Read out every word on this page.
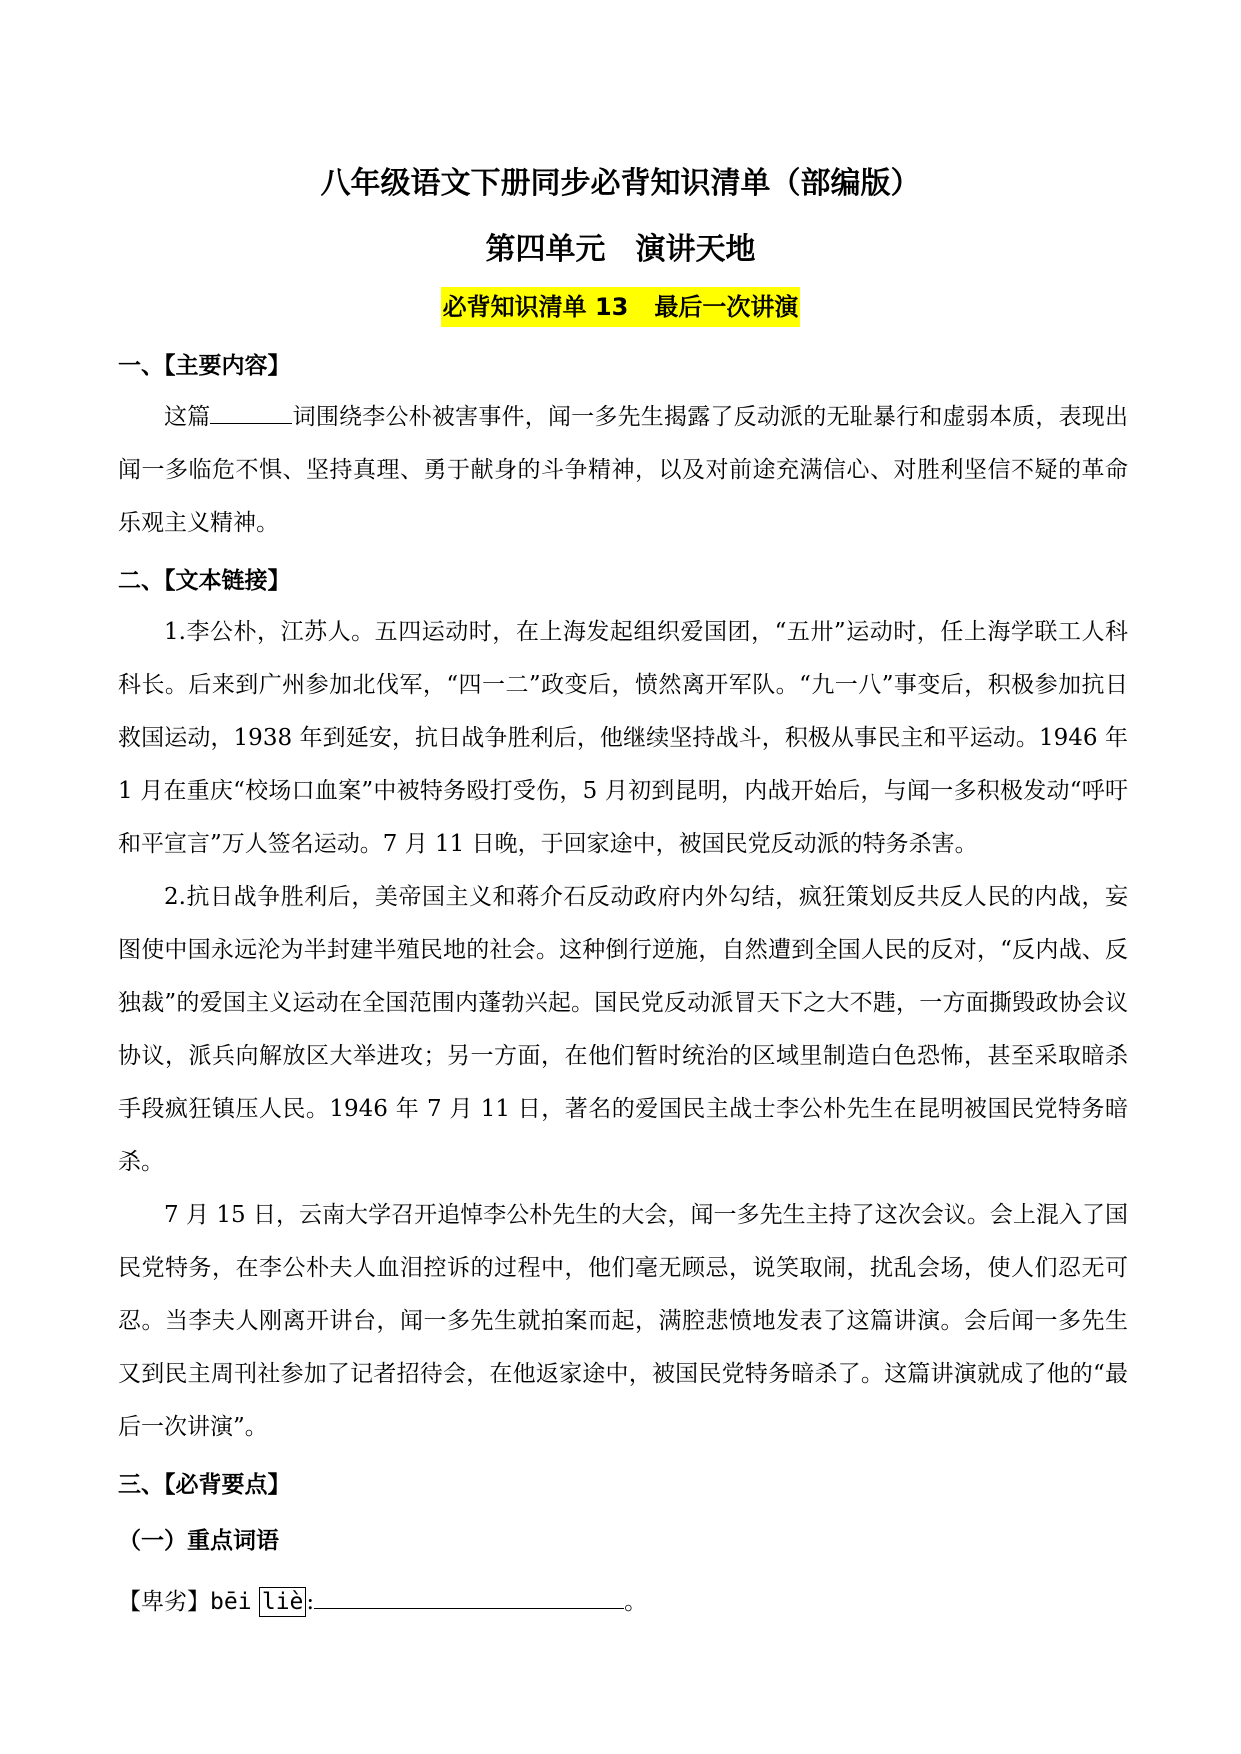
八年级语文下册同步必背知识清单（部编版）
第四单元　演讲天地
必背知识清单 13 最后一次讲演
一、【主要内容】

这篇	词围绕李公朴被害事件，闻一多先生揭露了反动派的无耻暴行和虚弱本质，表现出闻一多临危不惧、坚持真理、勇于献身的斗争精神，以及对前途充满信心、对胜利坚信不疑的革命乐观主义精神。

二、【文本链接】

1.李公朴，江苏人。五四运动时，在上海发起组织爱国团，“五卅”运动时，任上海学联工人科科长。后来到广州参加北伐军，“四一二”政变后，愤然离开军队。“九一八”事变后，积极参加抗日救国运动，1938 年到延安，抗日战争胜利后，他继续坚持战斗，积极从事民主和平运动。1946 年 1 月在重庆“校场口血案”中被特务殴打受伤，5 月初到昆明，内战开始后，与闻一多积极发动“呼吁和平宣言”万人签名运动。7 月 11 日晚，于回家途中，被国民党反动派的特务杀害。

2.抗日战争胜利后，美帝国主义和蒋介石反动政府内外勾结，疯狂策划反共反人民的内战，妄图使中国永远沦为半封建半殖民地的社会。这种倒行逆施，自然遭到全国人民的反对，“反内战、反独裁”的爱国主义运动在全国范围内蓬勃兴起。国民党反动派冒天下之大不韪，一方面撕毁政协会议协议，派兵向解放区大举进攻；另一方面，在他们暂时统治的区域里制造白色恐怖，甚至采取暗杀手段疯狂镇压人民。1946 年 7 月 11 日，著名的爱国民主战士李公朴先生在昆明被国民党特务暗杀。

7 月 15 日，云南大学召开追悼李公朴先生的大会，闻一多先生主持了这次会议。会上混入了国民党特务，在李公朴夫人血泪控诉的过程中，他们毫无顾忌，说笑取闹，扰乱会场，使人们忍无可忍。当李夫人刚离开讲台，闻一多先生就拍案而起，满腔悲愤地发表了这篇讲演。会后闻一多先生又到民主周刊社参加了记者招待会，在他返家途中，被国民党特务暗杀了。这篇讲演就成了他的“最后一次讲演”。

三、【必背要点】
（一）重点词语
【卑劣】bēi liè :	。
